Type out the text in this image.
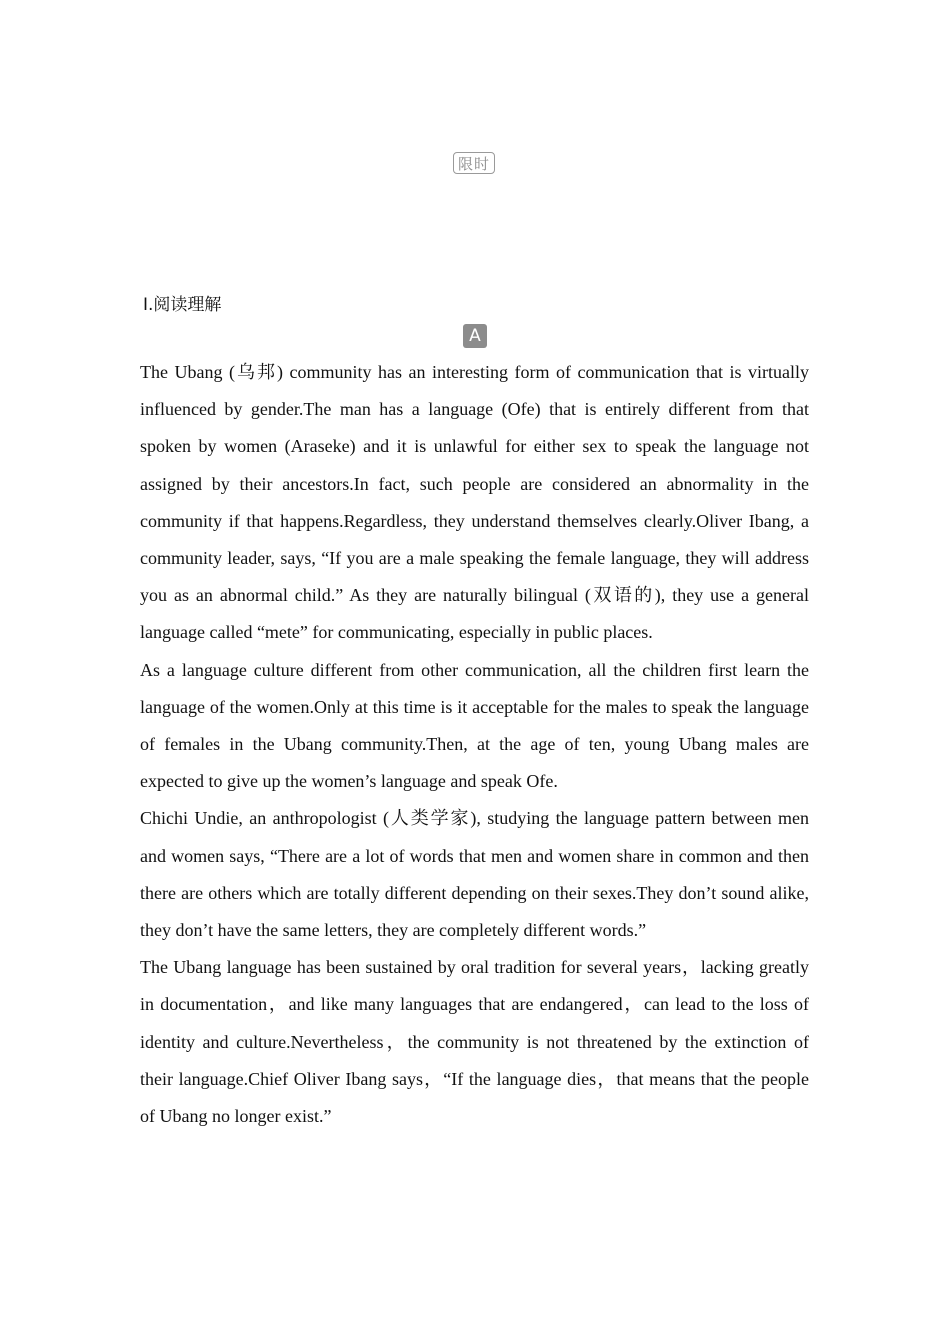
限时
Ⅰ.阅读理解
A

The Ubang (乌邦) community has an interesting form of communication that is virtually influenced by gender.The man has a language (Ofe) that is entirely different from that spoken by women (Araseke) and it is unlawful for either sex to speak the language not assigned by their ancestors.In fact, such people are considered an abnormality in the community if that happens.Regardless, they understand themselves clearly.Oliver Ibang, a community leader, says, “If you are a male speaking the female language, they will address you as an abnormal child.” As they are naturally bilingual (双语的), they use a general language called “mete” for communicating, especially in public places.

As a language culture different from other communication, all the children first learn the language of the women.Only at this time is it acceptable for the males to speak the language of females in the Ubang community.Then, at the age of ten, young Ubang males are expected to give up the women’s language and speak Ofe.

Chichi Undie, an anthropologist (人类学家), studying the language pattern between men and women says, “There are a lot of words that men and women share in common and then there are others which are totally different depending on their sexes.They don’t sound alike, they don’t have the same letters, they are completely different words.”

The Ubang language has been sustained by oral tradition for several years，lacking greatly in documentation，and like many languages that are endangered，can lead to the loss of identity and culture.Nevertheless，the community is not threatened by the extinction of their language.Chief Oliver Ibang says，“If the language dies，that means that the people of Ubang no longer exist.”
